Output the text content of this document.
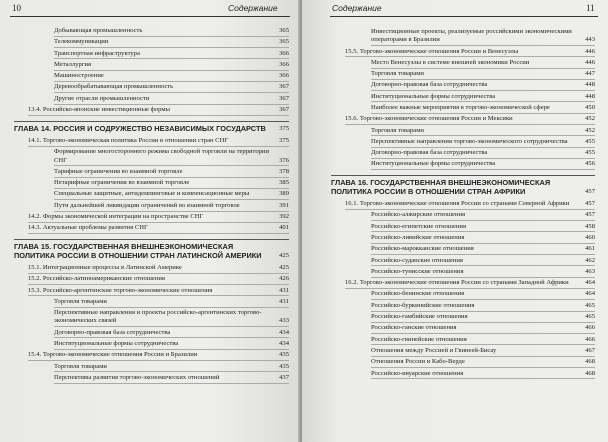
10	Содержание
Добывающая промышленность	365
Телекоммуникации	365
Транспортная инфраструктура	366
Металлургия	366
Машиностроение	366
Деревообрабатывающая промышленность	367
Другие отрасли промышленности	367
13.4. Российско-японские инвестиционные формы	367
ГЛАВА 14. РОССИЯ И СОДРУЖЕСТВО НЕЗАВИСИМЫХ ГОСУДАРСТВ	375
14.1. Торгово-экономическая политика России в отношении стран СНГ	375
Формирование многостороннего режима свободной торговли на территории СНГ	376
Тарифные ограничения во взаимной торговле	378
Нетарифные ограничения во взаимной торговле	385
Специальные защитные, антидемпинговые и компенсационные меры	389
Пути дальнейшей ликвидации ограничений во взаимной торговле	391
14.2. Формы экономической интеграции на пространстве СНГ	392
14.3. Актуальные проблемы развития СНГ	401
ГЛАВА 15. ГОСУДАРСТВЕННАЯ ВНЕШНЕЭКОНОМИЧЕСКАЯ ПОЛИТИКА РОССИИ В ОТНОШЕНИИ СТРАН ЛАТИНСКОЙ АМЕРИКИ	425
15.1. Интеграционные процессы в Латинской Америке	425
15.2. Российско-латиноамериканские отношения	426
15.3. Российско-аргентинские торгово-экономические отношения	431
Торговля товарами	431
Перспективные направления и проекты российско-аргентинских торгово-экономических связей	433
Договорно-правовая база сотрудничества	434
Институциональные формы сотрудничества	434
15.4. Торгово-экономические отношения России и Бразилии	435
Торговля товарами	435
Перспективы развития торгово-экономических отношений	437
Содержание	11
Инвестиционные проекты, реализуемые российскими экономическими операторами в Бразилии	443
15.5. Торгово-экономические отношения России и Венесуэлы	446
Место Венесуэлы в системе внешней экономики России	446
Торговля товарами	447
Договорно-правовая база сотрудничества	448
Институциональные формы сотрудничества	448
Наиболее важные мероприятия в торгово-экономической сфере	450
15.6. Торгово-экономические отношения России и Мексики	452
Торговля товарами	452
Перспективные направления торгово-экономического сотрудничества	455
Договорно-правовая база сотрудничества	455
Институциональные формы сотрудничества	456
ГЛАВА 16. ГОСУДАРСТВЕННАЯ ВНЕШНЕЭКОНОМИЧЕСКАЯ ПОЛИТИКА РОССИИ В ОТНОШЕНИИ СТРАН АФРИКИ	457
16.1. Торгово-экономические отношения России со странами Северной Африки	457
Российско-алжирские отношения	457
Российско-египетские отношения	458
Российско-ливийские отношения	460
Российско-марокканские отношения	461
Российско-суданские отношения	462
Российско-тунисские отношения	463
16.2. Торгово-экономические отношения России со странами Западной Африки	464
Российско-бенинские отношения	464
Российско-буркинийские отношения	465
Российско-гамбийские отношения	465
Российско-ганские отношения	466
Российско-гвинейские отношения	466
Отношения между Россией и Гвинеей-Бисау	467
Отношения России и Кабо-Верде	468
Российско-ивуарские отношения	468
